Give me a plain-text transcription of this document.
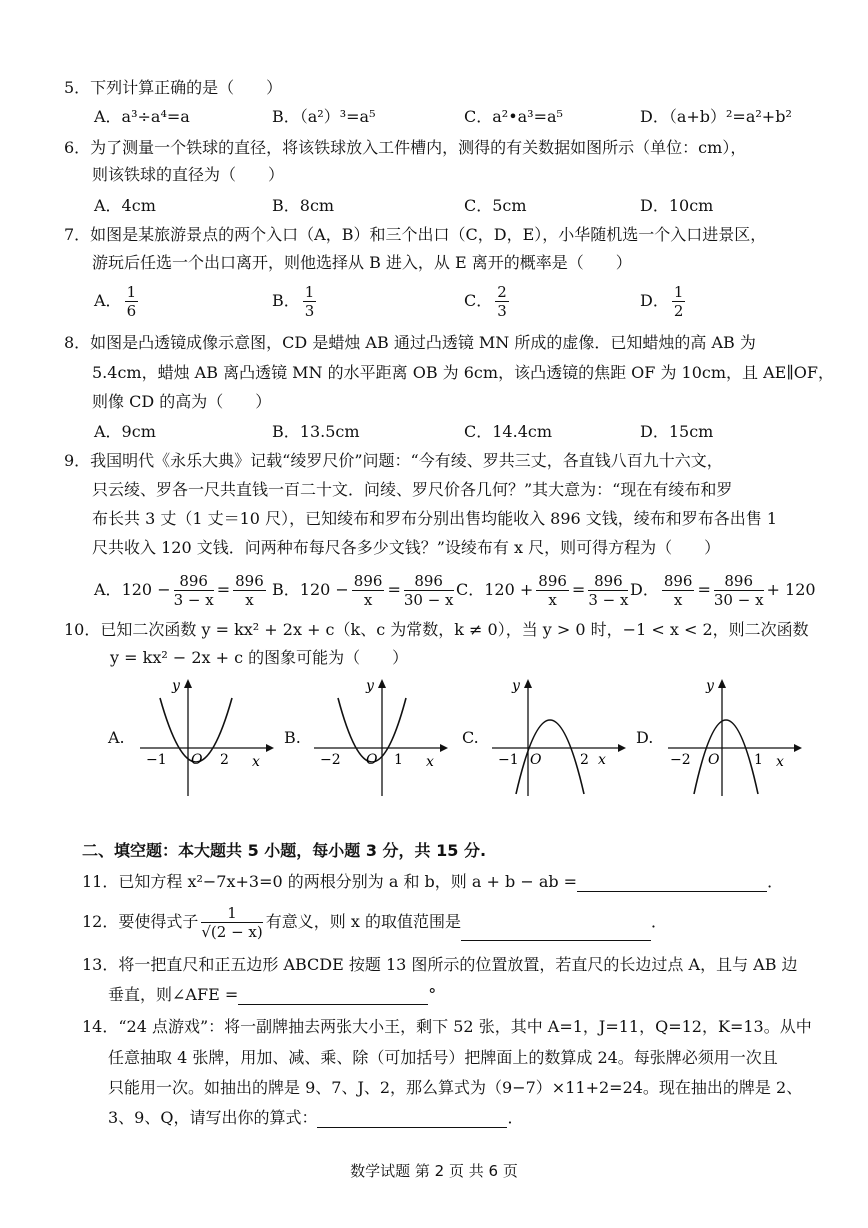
5．下列计算正确的是（　　）
A．a³÷a⁴=a	B．（a²）³=a⁵	C．a²•a³=a⁵	D．（a+b）²=a²+b²
6．为了测量一个铁球的直径，将该铁球放入工件槽内，测得的有关数据如图所示（单位：cm），
则该铁球的直径为（　　）
A．4cm	B．8cm	C．5cm	D．10cm
7．如图是某旅游景点的两个入口（A，B）和三个出口（C，D，E），小华随机选一个入口进景区，
游玩后任选一个出口离开，则他选择从 B 进入，从 E 离开的概率是（　　）
A． $\frac{1}{6}$	B． $\frac{1}{3}$	C． $\frac{2}{3}$	D． $\frac{1}{2}$
8．如图是凸透镜成像示意图，CD 是蜡烛 AB 通过凸透镜 MN 所成的虚像．已知蜡烛的高 AB 为
5.4cm，蜡烛 AB 离凸透镜 MN 的水平距离 OB 为 6cm，该凸透镜的焦距 OF 为 10cm，且 AE∥OF，
则像 CD 的高为（　　）
A．9cm	B．13.5cm	C．14.4cm	D．15cm
9．我国明代《永乐大典》记载“绫罗尺价”问题：“今有绫、罗共三丈，各直钱八百九十六文，
只云绫、罗各一尺共直钱一百二十文．问绫、罗尺价各几何？”其大意为：“现在有绫布和罗
布长共 3 丈（1 丈＝10 尺），已知绫布和罗布分别出售均能收入 896 文钱，绫布和罗布各出售 1
尺共收入 120 文钱．问两种布每尺各多少文钱？”设绫布有 x 尺，则可得方程为（　　）
A．$120 - \frac{896}{3 - x} = \frac{896}{x}$ B．$120 - \frac{896}{x} = \frac{896}{30 - x}$ C．$120 + \frac{896}{x} = \frac{896}{3 - x}$ D． $\frac{896}{x} = \frac{896}{30 - x} + 120$
10．已知二次函数 y = kx² + 2x + c（k、c 为常数，k ≠ 0），当 y > 0 时，−1 < x < 2，则二次函数
y = kx² − 2x + c 的图象可能为（　　）
A.	B.	C.	D.
y
−1 O 2 x
y
−2 O 1 x
y
−1 O	2 x
y
−2 O 1 x
二、填空题：本大题共 5 小题，每小题 3 分，共 15 分.
11．已知方程 x²−7x+3=0 的两根分别为 a 和 b，则 a + b − ab =	．
12．要使得式子 $\frac{1}{√(2 - x)}$ 有意义，则 x 的取值范围是	．
13．将一把直尺和正五边形 ABCDE 按题 13 图所示的位置放置，若直尺的长边过点 A，且与 AB 边
垂直，则∠AFE =	°
14．“24 点游戏”：将一副牌抽去两张大小王，剩下 52 张，其中 A=1，J=11，Q=12，K=13。从中
任意抽取 4 张牌，用加、减、乘、除（可加括号）把牌面上的数算成 24。每张牌必须用一次且
只能用一次。如抽出的牌是 9、7、J、2，那么算式为（9−7）×11+2=24。现在抽出的牌是 2、
3、9、Q，请写出你的算式：	．
数学试题 第 2 页 共 6 页
